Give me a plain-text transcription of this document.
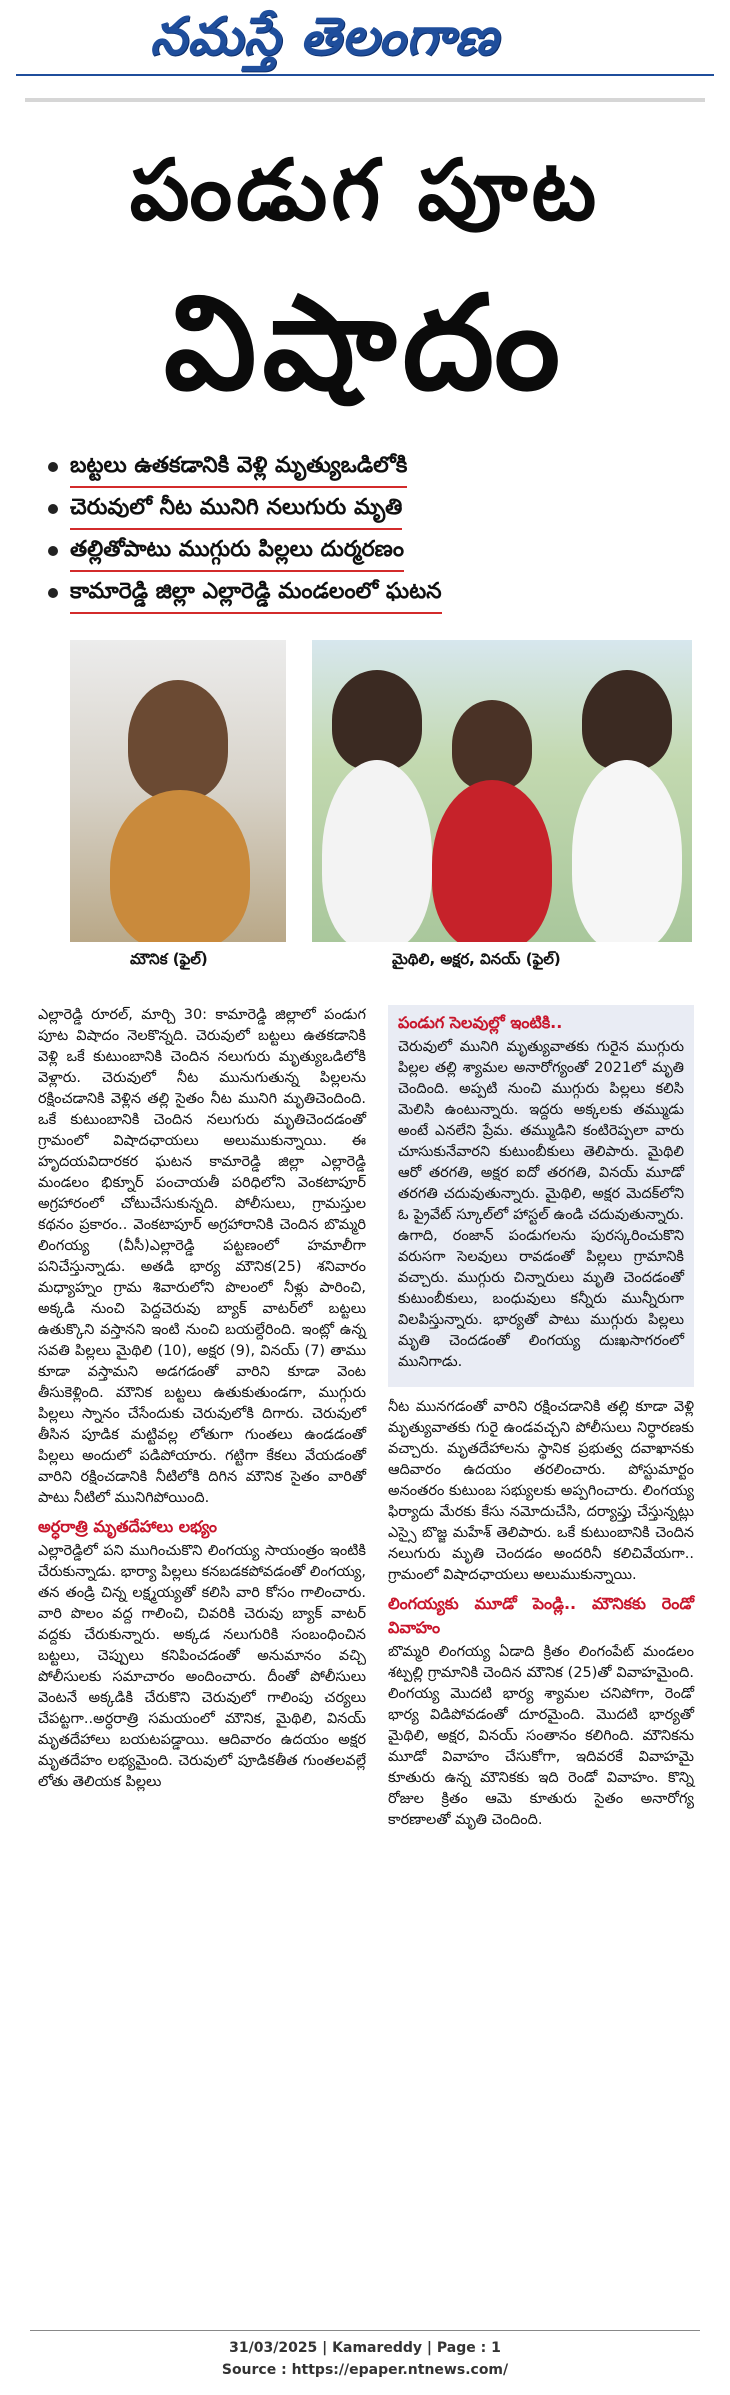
నమస్తే తెలంగాణ
పండుగ పూట
విషాదం
బట్టలు ఉతకడానికి వెళ్లి మృత్యుఒడిలోకి
చెరువులో నీట మునిగి నలుగురు మృతి
తల్లితోపాటు ముగ్గురు పిల్లలు దుర్మరణం
కామారెడ్డి జిల్లా ఎల్లారెడ్డి మండలంలో ఘటన
మౌనిక (ఫైల్)	మైథిలి, అక్షర, వినయ్ (ఫైల్)

ఎల్లారెడ్డి రూరల్, మార్చి 30: కామారెడ్డి జిల్లాలో పండుగ పూట విషాదం నెలకొన్నది. చెరువులో బట్టలు ఉతకడానికి వెళ్లి ఒకే కుటుంబానికి చెందిన నలుగురు మృత్యుఒడిలోకి వెళ్లారు. చెరువులో నీట మునుగుతున్న పిల్లలను రక్షించడానికి వెళ్లిన తల్లి సైతం నీట మునిగి మృతిచెందింది. ఒకే కుటుంబానికి చెందిన నలుగురు మృతిచెందడంతో గ్రామంలో విషాదఛాయలు అలుముకున్నాయి. ఈ హృదయవిదారకర ఘటన కామారెడ్డి జిల్లా ఎల్లారెడ్డి మండలం భిక్నూర్ పంచాయతీ పరిధిలోని వెంకటాపూర్ అగ్రహారంలో చోటుచేసుకున్నది. పోలీసులు, గ్రామస్తుల కథనం ప్రకారం.. వెంకటాపూర్ అగ్రహారానికి చెందిన బొమ్మరి లింగయ్య (వీసీ)ఎల్లారెడ్డి పట్టణంలో హమాలీగా పనిచేస్తున్నాడు. అతడి భార్య మౌనిక(25) శనివారం మధ్యాహ్నం గ్రామ శివారులోని పొలంలో నీళ్లు పారించి, అక్కడి నుంచి పెద్దచెరువు బ్యాక్ వాటర్‌లో బట్టలు ఉతుక్కొని వస్తానని ఇంటి నుంచి బయల్దేరింది. ఇంట్లో ఉన్న సవతి పిల్లలు మైథిలి (10), అక్షర (9), వినయ్ (7) తాము కూడా వస్తామని అడగడంతో వారిని కూడా వెంట తీసుకెళ్లింది. మౌనిక బట్టలు ఉతుకుతుండగా, ముగ్గురు పిల్లలు స్నానం చేసేందుకు చెరువులోకి దిగారు. చెరువులో తీసిన పూడిక మట్టివల్ల లోతుగా గుంతలు ఉండడంతో పిల్లలు అందులో పడిపోయారు. గట్టిగా కేకలు వేయడంతో వారిని రక్షించడానికి నీటిలోకి దిగిన మౌనిక సైతం వారితో పాటు నీటిలో మునిగిపోయింది.

అర్ధరాత్రి మృతదేహాలు లభ్యం

ఎల్లారెడ్డిలో పని ముగించుకొని లింగయ్య సాయంత్రం ఇంటికి చేరుకున్నాడు. భార్యా పిల్లలు కనబడకపోవడంతో లింగయ్య, తన తండ్రి చిన్న లక్ష్మయ్యతో కలిసి వారి కోసం గాలించారు. వారి పొలం వద్ద గాలించి, చివరికి చెరువు బ్యాక్ వాటర్ వద్దకు చేరుకున్నారు. అక్కడ నలుగురికి సంబంధించిన బట్టలు, చెప్పులు కనిపించడంతో అనుమానం వచ్చి పోలీసులకు సమాచారం అందించారు. దీంతో పోలీసులు వెంటనే అక్కడికి చేరుకొని చెరువులో గాలింపు చర్యలు చేపట్టగా..అర్ధరాత్రి సమయంలో మౌనిక, మైథిలి, వినయ్ మృతదేహాలు బయటపడ్డాయి. ఆదివారం ఉదయం అక్షర మృతదేహం లభ్యమైంది. చెరువులో పూడికతీత గుంతలవల్లే లోతు తెలియక పిల్లలు

పండుగ సెలవుల్లో ఇంటికి..

చెరువులో మునిగి మృత్యువాతకు గురైన ముగ్గురు పిల్లల తల్లి శ్యామల అనారోగ్యంతో 2021లో మృతి చెందింది. అప్పటి నుంచి ముగ్గురు పిల్లలు కలిసి మెలిసి ఉంటున్నారు. ఇద్దరు అక్కలకు తమ్ముడు అంటే ఎనలేని ప్రేమ. తమ్ముడిని కంటిరెప్పలా వారు చూసుకునేవారని కుటుంబీకులు తెలిపారు. మైథిలి ఆరో తరగతి, అక్షర ఐదో తరగతి, వినయ్ మూడో తరగతి చదువుతున్నారు. మైథిలి, అక్షర మెదక్‌లోని ఓ ప్రైవేట్ స్కూల్‌లో హాస్టల్ ఉండి చదువుతున్నారు. ఉగాది, రంజాన్ పండుగలను పురస్కరించుకొని వరుసగా సెలవులు రావడంతో పిల్లలు గ్రామానికి వచ్చారు. ముగ్గురు చిన్నారులు మృతి చెందడంతో కుటుంబీకులు, బంధువులు కన్నీరు మున్నీరుగా విలపిస్తున్నారు. భార్యతో పాటు ముగ్గురు పిల్లలు మృతి చెందడంతో లింగయ్య దుఃఖసాగరంలో మునిగాడు.

నీట మునగడంతో వారిని రక్షించడానికి తల్లి కూడా వెళ్లి మృత్యువాతకు గురై ఉండవచ్చని పోలీసులు నిర్ధారణకు వచ్చారు. మృతదేహాలను స్థానిక ప్రభుత్వ దవాఖానకు ఆదివారం ఉదయం తరలించారు. పోస్టుమార్టం అనంతరం కుటుంబ సభ్యులకు అప్పగించారు. లింగయ్య ఫిర్యాదు మేరకు కేసు నమోదుచేసి, దర్యాప్తు చేస్తున్నట్లు ఎస్సై బొజ్జ మహేశ్ తెలిపారు. ఒకే కుటుంబానికి చెందిన నలుగురు మృతి చెందడం అందరినీ కలిచివేయగా.. గ్రామంలో విషాదఛాయలు అలుముకున్నాయి.

లింగయ్యకు మూడో పెండ్లి.. మౌనికకు రెండో వివాహం

బొమ్మరి లింగయ్య ఏడాది క్రితం లింగంపేట్ మండలం శట్పల్లి గ్రామానికి చెందిన మౌనిక (25)తో వివాహమైంది. లింగయ్య మొదటి భార్య శ్యామల చనిపోగా, రెండో భార్య విడిపోవడంతో దూరమైంది. మొదటి భార్యతో మైథిలి, అక్షర, వినయ్ సంతానం కలిగింది. మౌనికను మూడో వివాహం చేసుకోగా, ఇదివరకే వివాహమై కూతురు ఉన్న మౌనికకు ఇది రెండో వివాహం. కొన్ని రోజుల క్రితం ఆమె కూతురు సైతం అనారోగ్య కారణాలతో మృతి చెందింది.

31/03/2025 | Kamareddy | Page : 1
Source : https://epaper.ntnews.com/
